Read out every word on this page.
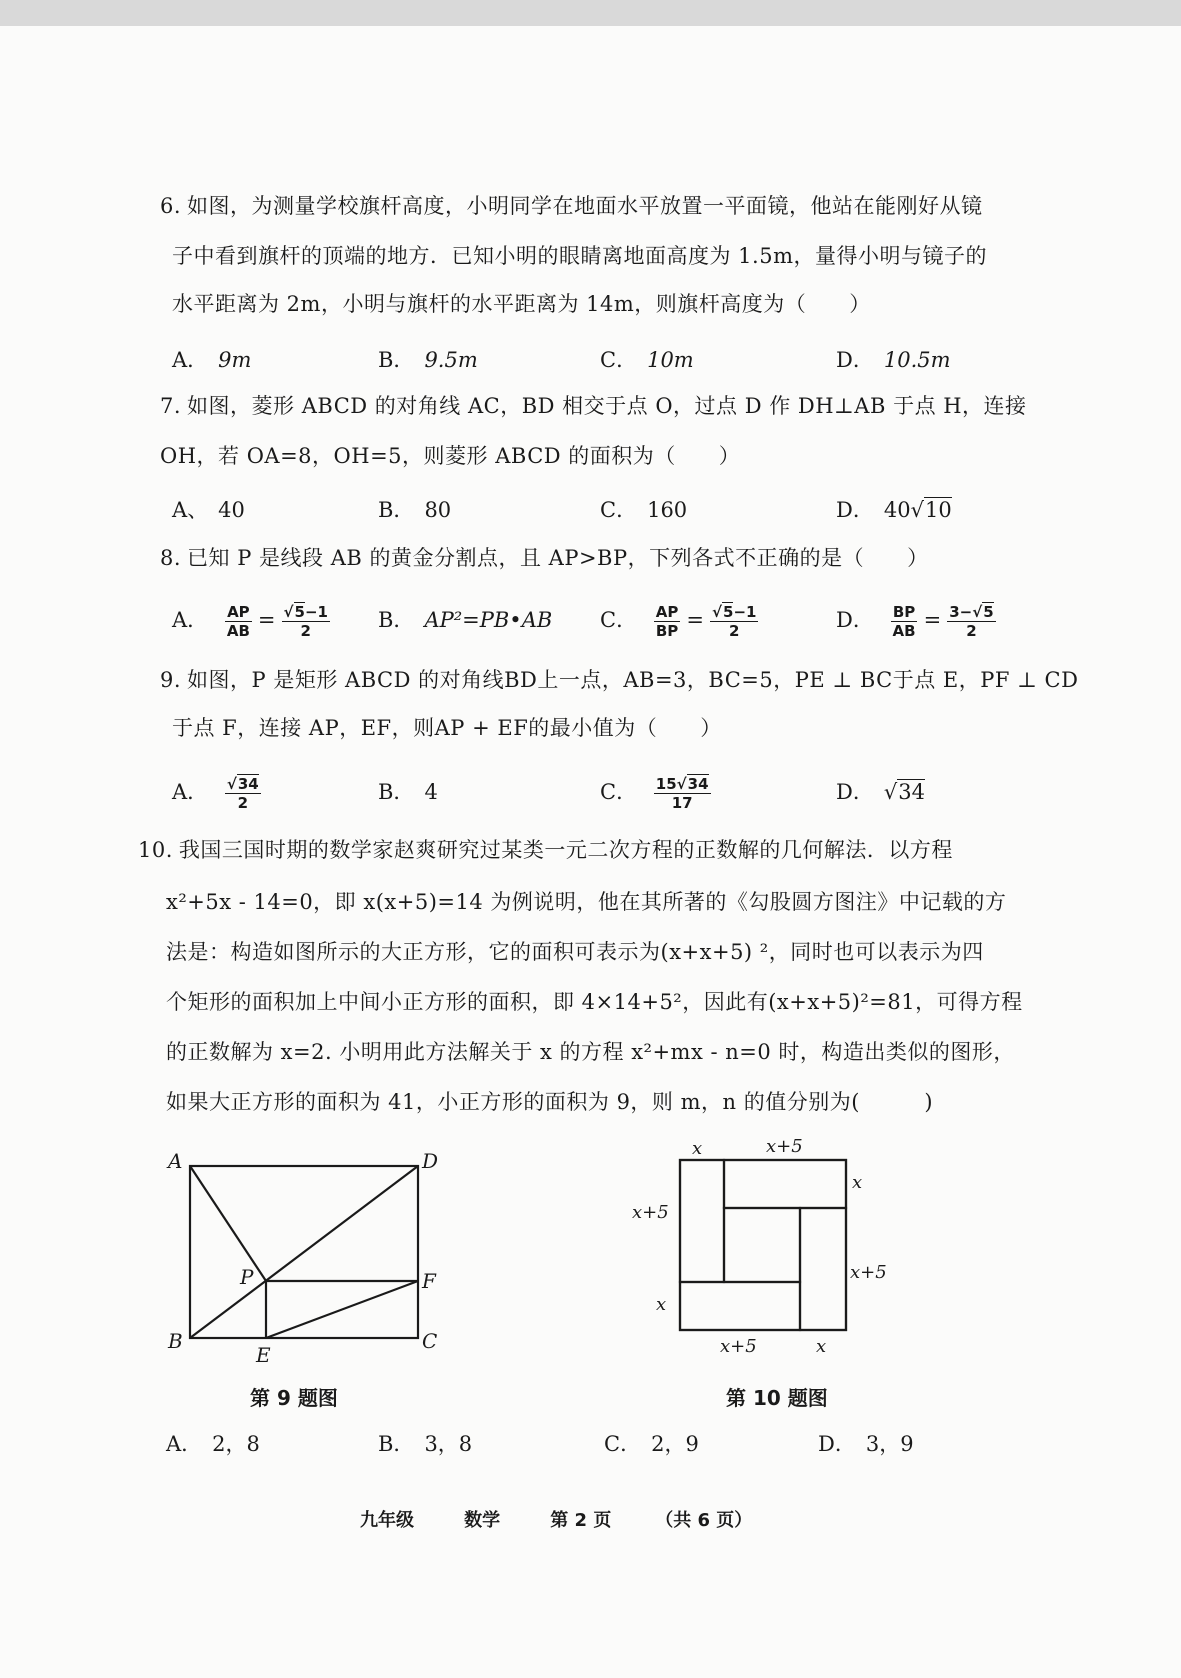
6. 如图，为测量学校旗杆高度，小明同学在地面水平放置一平面镜，他站在能刚好从镜
子中看到旗杆的顶端的地方．已知小明的眼睛离地面高度为 1.5m，量得小明与镜子的
水平距离为 2m，小明与旗杆的水平距离为 14m，则旗杆高度为（　　）
A． 9m	B． 9.5m	C． 10m	D． 10.5m
7. 如图，菱形 ABCD 的对角线 AC，BD 相交于点 O，过点 D 作 DH⊥AB 于点 H，连接
OH，若 OA=8，OH=5，则菱形 ABCD 的面积为（　　）
A、 40	B． 80	C． 160	D． 40√10
8. 已知 P 是线段 AB 的黄金分割点，且 AP>BP，下列各式不正确的是（　　）
A． $\frac{AP}{AB} = \frac{√5-1}{2}$ B． AP²=PB•AB C． $\frac{AP}{BP} = \frac{√5-1}{2}$	D． $\frac{BP}{AB} = \frac{3-√5}{2}$
9. 如图，P 是矩形 ABCD 的对角线BD上一点，AB=3，BC=5，PE ⊥ BC于点 E，PF ⊥ CD
于点 F，连接 AP，EF，则AP + EF的最小值为（　　）
A． $\frac{√34}{2}$	B． 4	C． $\frac{15√34}{17}$	D． √34
10. 我国三国时期的数学家赵爽研究过某类一元二次方程的正数解的几何解法．以方程
x²+5x - 14=0，即 x(x+5)=14 为例说明，他在其所著的《勾股圆方图注》中记载的方
法是：构造如图所示的大正方形，它的面积可表示为(x+x+5) ²，同时也可以表示为四
个矩形的面积加上中间小正方形的面积，即 4×14+5²，因此有(x+x+5)²=81，可得方程
的正数解为 x=2. 小明用此方法解关于 x 的方程 x²+mx - n=0 时，构造出类似的图形，
如果大正方形的面积为 41，小正方形的面积为 9，则 m，n 的值分别为(　　　)
A	D
B	C
P
E
F
第 9 题图
x	x+5
x
x+5
x+5
x
x+5	x
第 10 题图
A． 2，8	B． 3，8	C． 2，9	D． 3，9
九年级	数学	第 2 页 （共 6 页）
